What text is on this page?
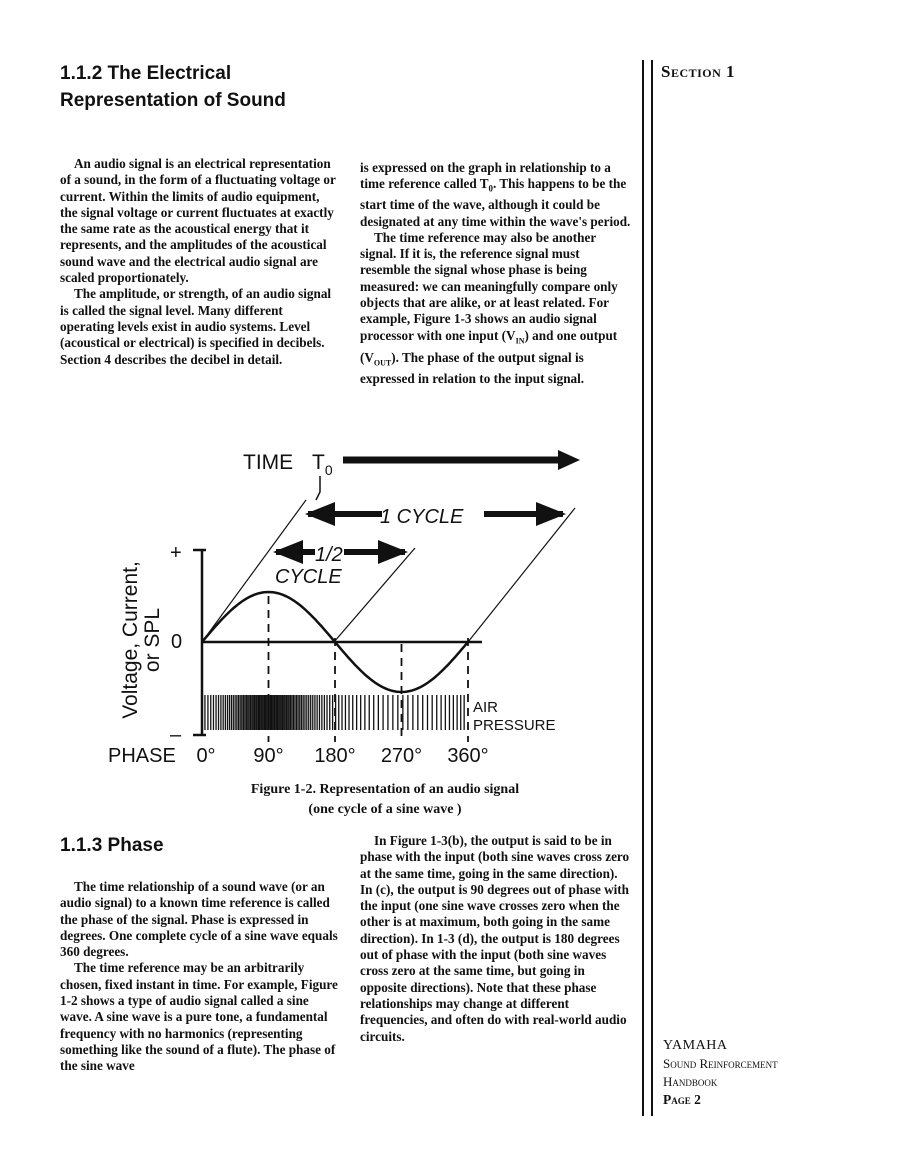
Section 1
1.1.2 The Electrical
Representation of Sound

An audio signal is an electrical representation of a sound, in the form of a fluctuating voltage or current. Within the limits of audio equipment, the signal voltage or current fluctuates at exactly the same rate as the acoustical energy that it represents, and the amplitudes of the acoustical sound wave and the electrical audio signal are scaled proportionately.

The amplitude, or strength, of an audio signal is called the signal level. Many different operating levels exist in audio systems. Level (acoustical or electrical) is specified in decibels. Section 4 describes the decibel in detail.

is expressed on the graph in relationship to a time reference called $T_0$. This happens to be the start time of the wave, although it could be designated at any time within the wave's period.

The time reference may also be another signal. If it is, the reference signal must resemble the signal whose phase is being measured: we can meaningfully compare only objects that are alike, or at least related. For example, Figure 1-3 shows an audio signal processor with one input $(V_{IN})$ and one output $(V_{OUT})$. The phase of the output signal is expressed in relation to the input signal.

TIME $T_0$
+
0
–
Voltage, Current, or SPL
1 CYCLE
1/2
CYCLE
AIR
PRESSURE
PHASE 0° 90° 180° 270° 360°
Figure 1-2. Representation of an audio signal
(one cycle of a sine wave )
1.1.3 Phase

The time relationship of a sound wave (or an audio signal) to a known time reference is called the phase of the signal. Phase is expressed in degrees. One complete cycle of a sine wave equals 360 degrees.

The time reference may be an arbitrarily chosen, fixed instant in time. For example, Figure 1-2 shows a type of audio signal called a sine wave. A sine wave is a pure tone, a fundamental frequency with no harmonics (representing something like the sound of a flute). The phase of the sine wave

In Figure 1-3(b), the output is said to be in phase with the input (both sine waves cross zero at the same time, going in the same direction). In (c), the output is 90 degrees out of phase with the input (one sine wave crosses zero when the other is at maximum, both going in the same direction). In 1-3 (d), the output is 180 degrees out of phase with the input (both sine waves cross zero at the same time, but going in opposite directions). Note that these phase relationships may change at different frequencies, and often do with real-world audio circuits.

YAMAHA
Sound Reinforcement
Handbook
Page 2
